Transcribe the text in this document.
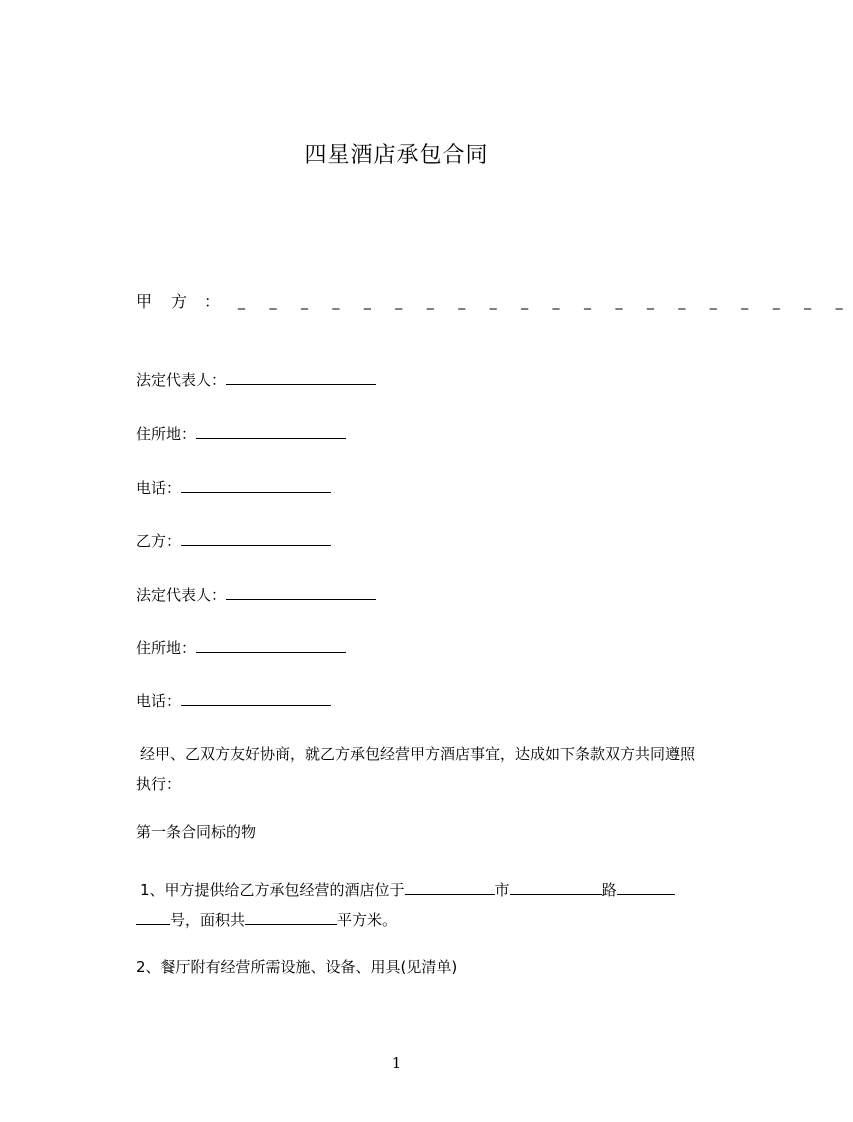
四星酒店承包合同
甲 方 ： _ _ _ _ _ _ _ _ _ _ _ _ _ _ _ _ _ _ _ _
法定代表人：
住所地：
电话：
乙方：
法定代表人：
住所地：
电话：
经甲、乙双方友好协商，就乙方承包经营甲方酒店事宜，达成如下条款双方共同遵照执行：
第一条合同标的物
1、甲方提供给乙方承包经营的酒店位于	市	路
号，面积共	平方米。
2、餐厅附有经营所需设施、设备、用具(见清单)
1
